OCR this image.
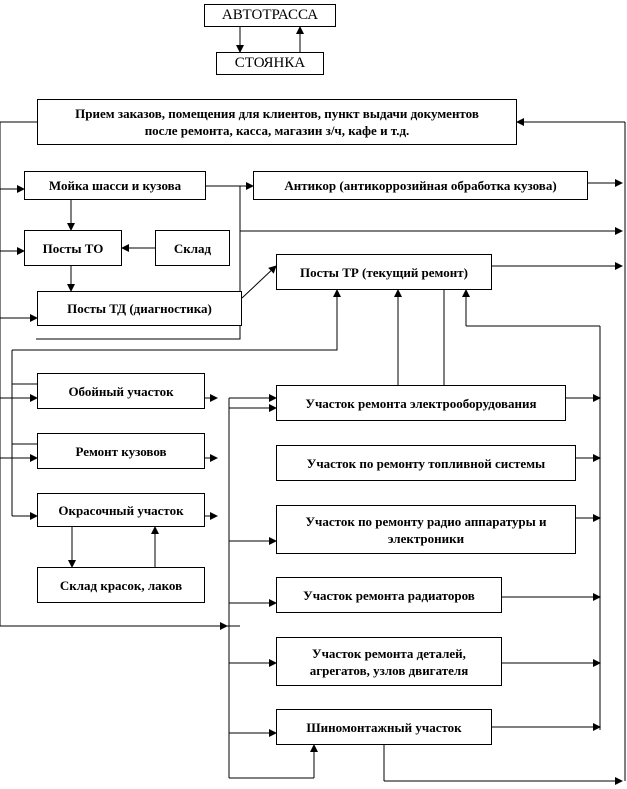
АВТОТРАССА
СТОЯНКА
Прием заказов, помещения для клиентов, пункт выдачи документов
после ремонта, касса, магазин з/ч, кафе и т.д.
Мойка шасси и кузова	Антикор (антикоррозийная обработка кузова)
Посты ТО	Склад
Посты ТД (диагностика)
Посты ТР (текущий ремонт)
Обойный участок
Ремонт кузовов
Окрасочный участок
Склад красок, лаков
Участок ремонта электрооборудования
Участок по ремонту топливной системы
Участок по ремонту радио аппаратуры и
электроники
Участок ремонта радиаторов
Участок ремонта деталей,
агрегатов, узлов двигателя
Шиномонтажный участок
